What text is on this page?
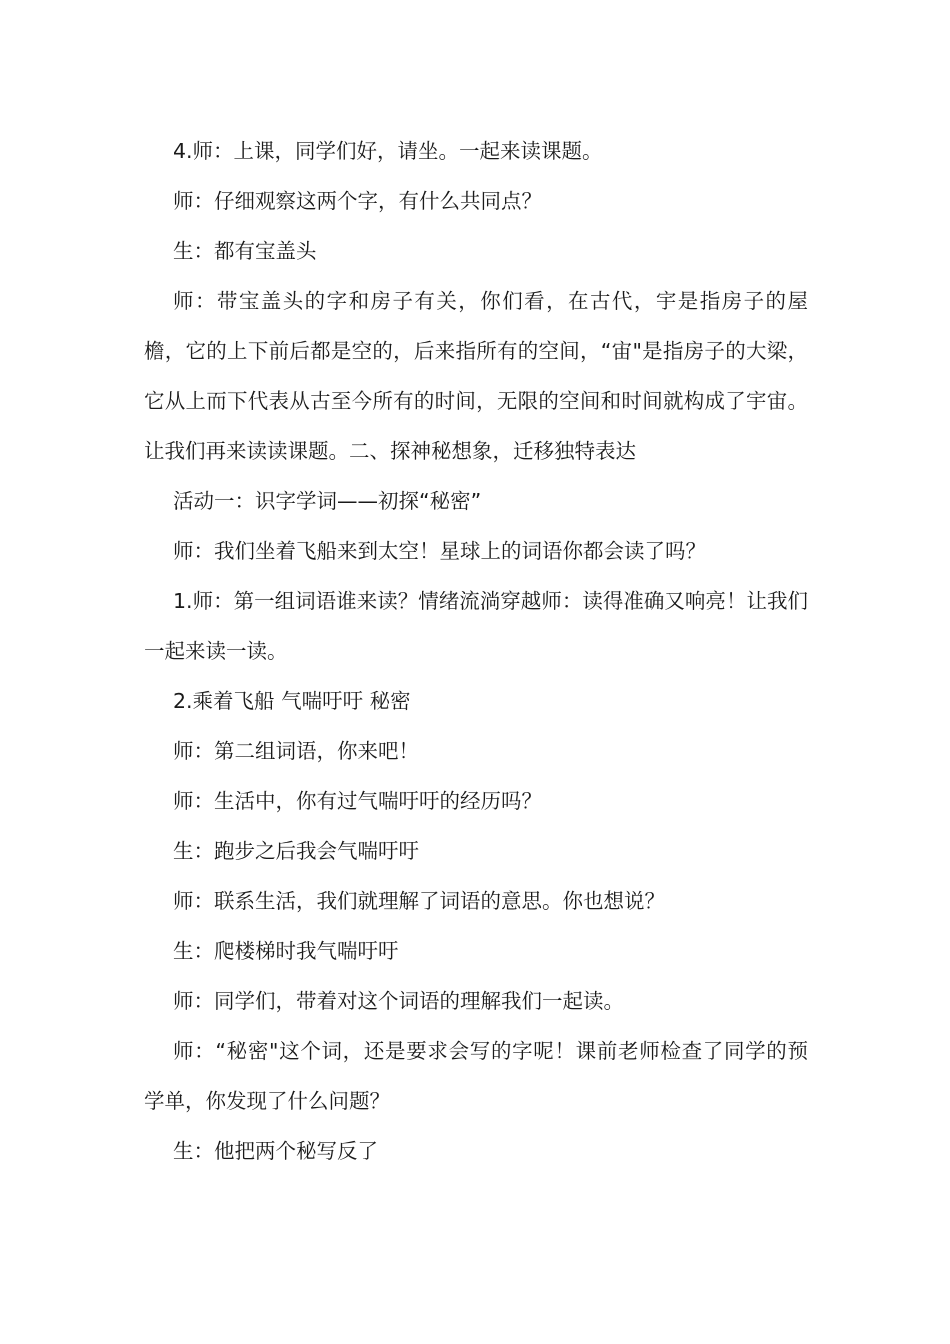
4.师：上课，同学们好，请坐。一起来读课题。

师：仔细观察这两个字，有什么共同点？

生：都有宝盖头

师：带宝盖头的字和房子有关，你们看，在古代，宇是指房子的屋檐，它的上下前后都是空的，后来指所有的空间，“宙"是指房子的大梁，它从上而下代表从古至今所有的时间，无限的空间和时间就构成了宇宙。让我们再来读读课题。二、探神秘想象，迁移独特表达

活动一：识字学词——初探“秘密”

师：我们坐着飞船来到太空！星球上的词语你都会读了吗？

1.师：第一组词语谁来读？情绪流淌穿越师：读得准确又响亮！让我们一起来读一读。

2.乘着飞船 气喘吁吁 秘密

师：第二组词语，你来吧！

师：生活中，你有过气喘吁吁的经历吗？

生：跑步之后我会气喘吁吁

师：联系生活，我们就理解了词语的意思。你也想说？

生：爬楼梯时我气喘吁吁

师：同学们，带着对这个词语的理解我们一起读。

师：“秘密"这个词，还是要求会写的字呢！课前老师检查了同学的预学单，你发现了什么问题？

生：他把两个秘写反了
